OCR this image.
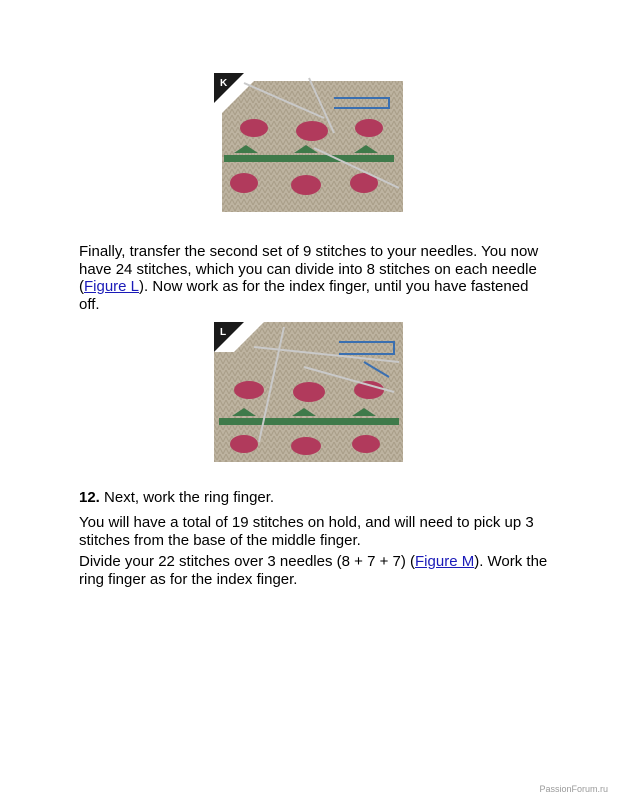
K

Finally, transfer the second set of 9 stitches to your needles. You now have 24 stitches, which you can divide into 8 stitches on each needle (Figure L). Now work as for the index finger, until you have fastened off.

L

12. Next, work the ring finger.

You will have a total of 19 stitches on hold, and will need to pick up 3 stitches from the base of the middle finger.

Divide your 22 stitches over 3 needles (8 + 7 + 7) (Figure M). Work the ring finger as for the index finger.

PassionForum.ru
